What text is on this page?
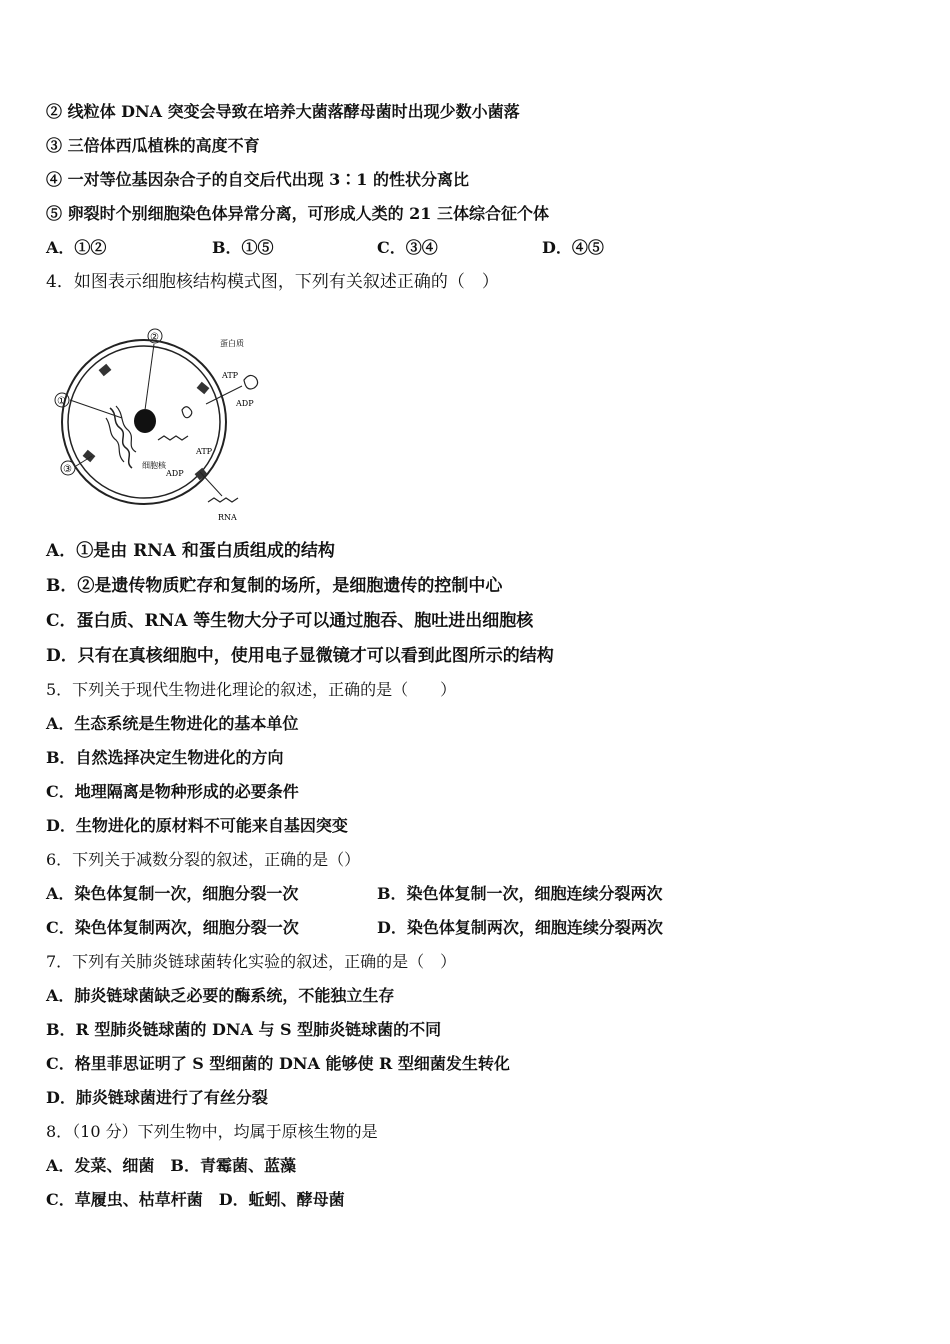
② 线粒体 DNA 突变会导致在培养大菌落酵母菌时出现少数小菌落
③ 三倍体西瓜植株的高度不育
④ 一对等位基因杂合子的自交后代出现 3∶1 的性状分离比
⑤ 卵裂时个别细胞染色体异常分离，可形成人类的 21 三体综合征个体
A．①②	B．①⑤	C．③④	D．④⑤
4．如图表示细胞核结构模式图，下列有关叙述正确的（　）
①
②
③
蛋白质
ATP
ADP
ATP
ADP
细胞核
RNA
A．①是由 RNA 和蛋白质组成的结构
B．②是遗传物质贮存和复制的场所，是细胞遗传的控制中心
C．蛋白质、RNA 等生物大分子可以通过胞吞、胞吐进出细胞核
D．只有在真核细胞中，使用电子显微镜才可以看到此图所示的结构
5．下列关于现代生物进化理论的叙述，正确的是（　　）
A．生态系统是生物进化的基本单位
B．自然选择决定生物进化的方向
C．地理隔离是物种形成的必要条件
D．生物进化的原材料不可能来自基因突变
6．下列关于减数分裂的叙述，正确的是（）
A．染色体复制一次，细胞分裂一次	B．染色体复制一次，细胞连续分裂两次
C．染色体复制两次，细胞分裂一次	D．染色体复制两次，细胞连续分裂两次
7．下列有关肺炎链球菌转化实验的叙述，正确的是（　）
A．肺炎链球菌缺乏必要的酶系统，不能独立生存
B．R 型肺炎链球菌的 DNA 与 S 型肺炎链球菌的不同
C．格里菲思证明了 S 型细菌的 DNA 能够使 R 型细菌发生转化
D．肺炎链球菌进行了有丝分裂
8．（10 分）下列生物中，均属于原核生物的是
A．发菜、细菌　B．青霉菌、蓝藻
C．草履虫、枯草杆菌　D．蚯蚓、酵母菌
